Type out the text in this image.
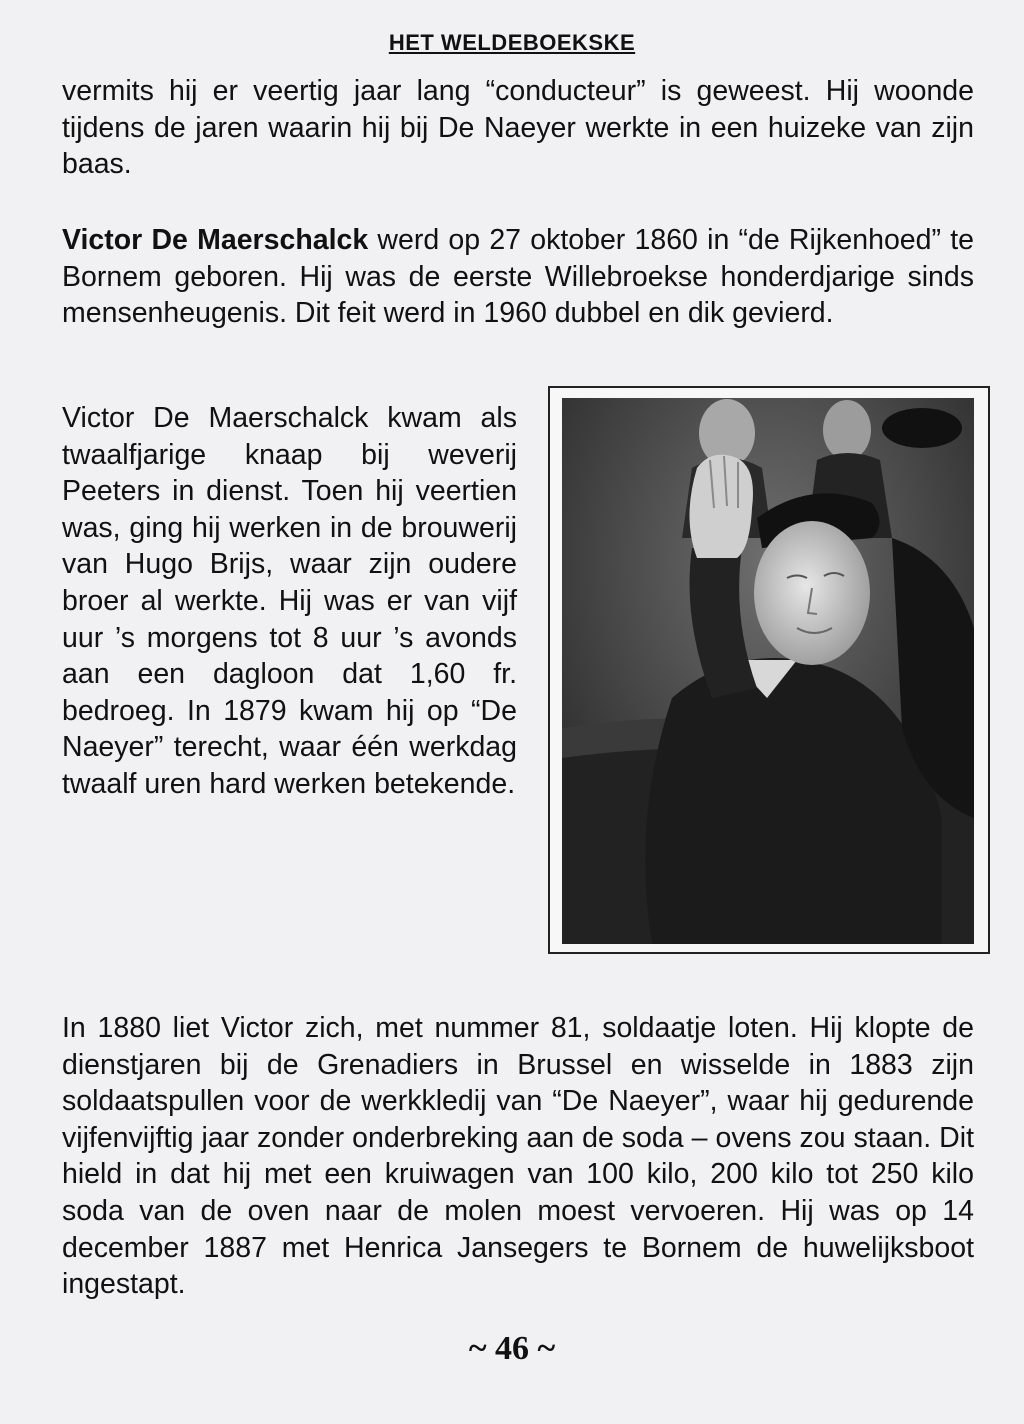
HET WELDEBOEKSKE

vermits hij er veertig jaar lang “conducteur” is geweest. Hij woonde tijdens de jaren waarin hij bij De Naeyer werkte in een huizeke van zijn baas.

Victor De Maerschalck werd op 27 oktober 1860 in “de Rijkenhoed” te Bornem geboren. Hij was de eerste Willebroekse honderdjarige sinds mensenheugenis. Dit feit werd in 1960 dubbel en dik gevierd.

Victor De Maerschalck kwam als twaalfjarige knaap bij weverij Peeters in dienst. Toen hij veertien was, ging hij werken in de brouwerij van Hugo Brijs, waar zijn oudere broer al werkte. Hij was er van vijf uur ’s morgens tot 8 uur ’s avonds aan een dagloon dat 1,60 fr. bedroeg. In 1879 kwam hij op “De Naeyer” terecht, waar één werkdag twaalf uren hard werken betekende.

In 1880 liet Victor zich, met nummer 81, soldaatje loten. Hij klopte de dienstjaren bij de Grenadiers in Brussel en wisselde in 1883 zijn soldaatspullen voor de werkkledij van “De Naeyer”, waar hij gedurende vijfenvijftig jaar zonder onderbreking aan de soda – ovens zou staan. Dit hield in dat hij met een kruiwagen van 100 kilo, 200 kilo tot 250 kilo soda van de oven naar de molen moest vervoeren. Hij was op 14 december 1887 met Henrica Jansegers te Bornem de huwelijksboot ingestapt.

~ 46 ~
